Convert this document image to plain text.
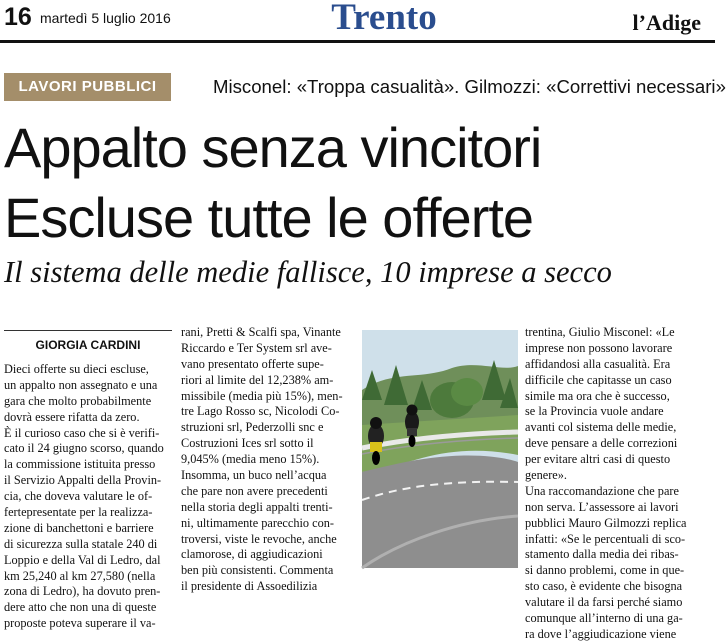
16 martedì 5 luglio 2016	Trento	l’Adige
LAVORI PUBBLICI	Misconel: «Troppa casualità». Gilmozzi: «Correttivi necessari»
Appalto senza vincitori
Escluse tutte le offerte
Il sistema delle medie fallisce, 10 imprese a secco
GIORGIA CARDINI
Dieci offerte su dieci escluse,
un appalto non assegnato e una
gara che molto probabilmente
dovrà essere rifatta da zero.
È il curioso caso che si è verifi-
cato il 24 giugno scorso, quando
la commissione istituita presso
il Servizio Appalti della Provin-
cia, che doveva valutare le of-
fertepresentate per la realizza-
zione di banchettoni e barriere
di sicurezza sulla statale 240 di
Loppio e della Val di Ledro, dal
km 25,240 al km 27,580 (nella
zona di Ledro), ha dovuto pren-
dere atto che non una di queste
proposte poteva superare il va-
rani, Pretti & Scalfi spa, Vinante
Riccardo e Ter System srl ave-
vano presentato offerte supe-
riori al limite del 12,238% am-
missibile (media più 15%), men-
tre Lago Rosso sc, Nicolodi Co-
struzioni srl, Pederzolli snc e
Costruzioni Ices srl sotto il
9,045% (media meno 15%).
Insomma, un buco nell’acqua
che pare non avere precedenti
nella storia degli appalti trenti-
ni, ultimamente parecchio con-
troversi, viste le revoche, anche
clamorose, di aggiudicazioni
ben più consistenti. Commenta
il presidente di Assoedilizia
trentina, Giulio Misconel: «Le
imprese non possono lavorare
affidandosi alla casualità. Era
difficile che capitasse un caso
simile ma ora che è successo,
se la Provincia vuole andare
avanti col sistema delle medie,
deve pensare a delle correzioni
per evitare altri casi di questo
genere».
Una raccomandazione che pare
non serva. L’assessore ai lavori
pubblici Mauro Gilmozzi replica
infatti: «Se le percentuali di sco-
stamento dalla media dei ribas-
si danno problemi, come in que-
sto caso, è evidente che bisogna
valutare il da farsi perché siamo
comunque all’interno di una ga-
ra dove l’aggiudicazione viene
